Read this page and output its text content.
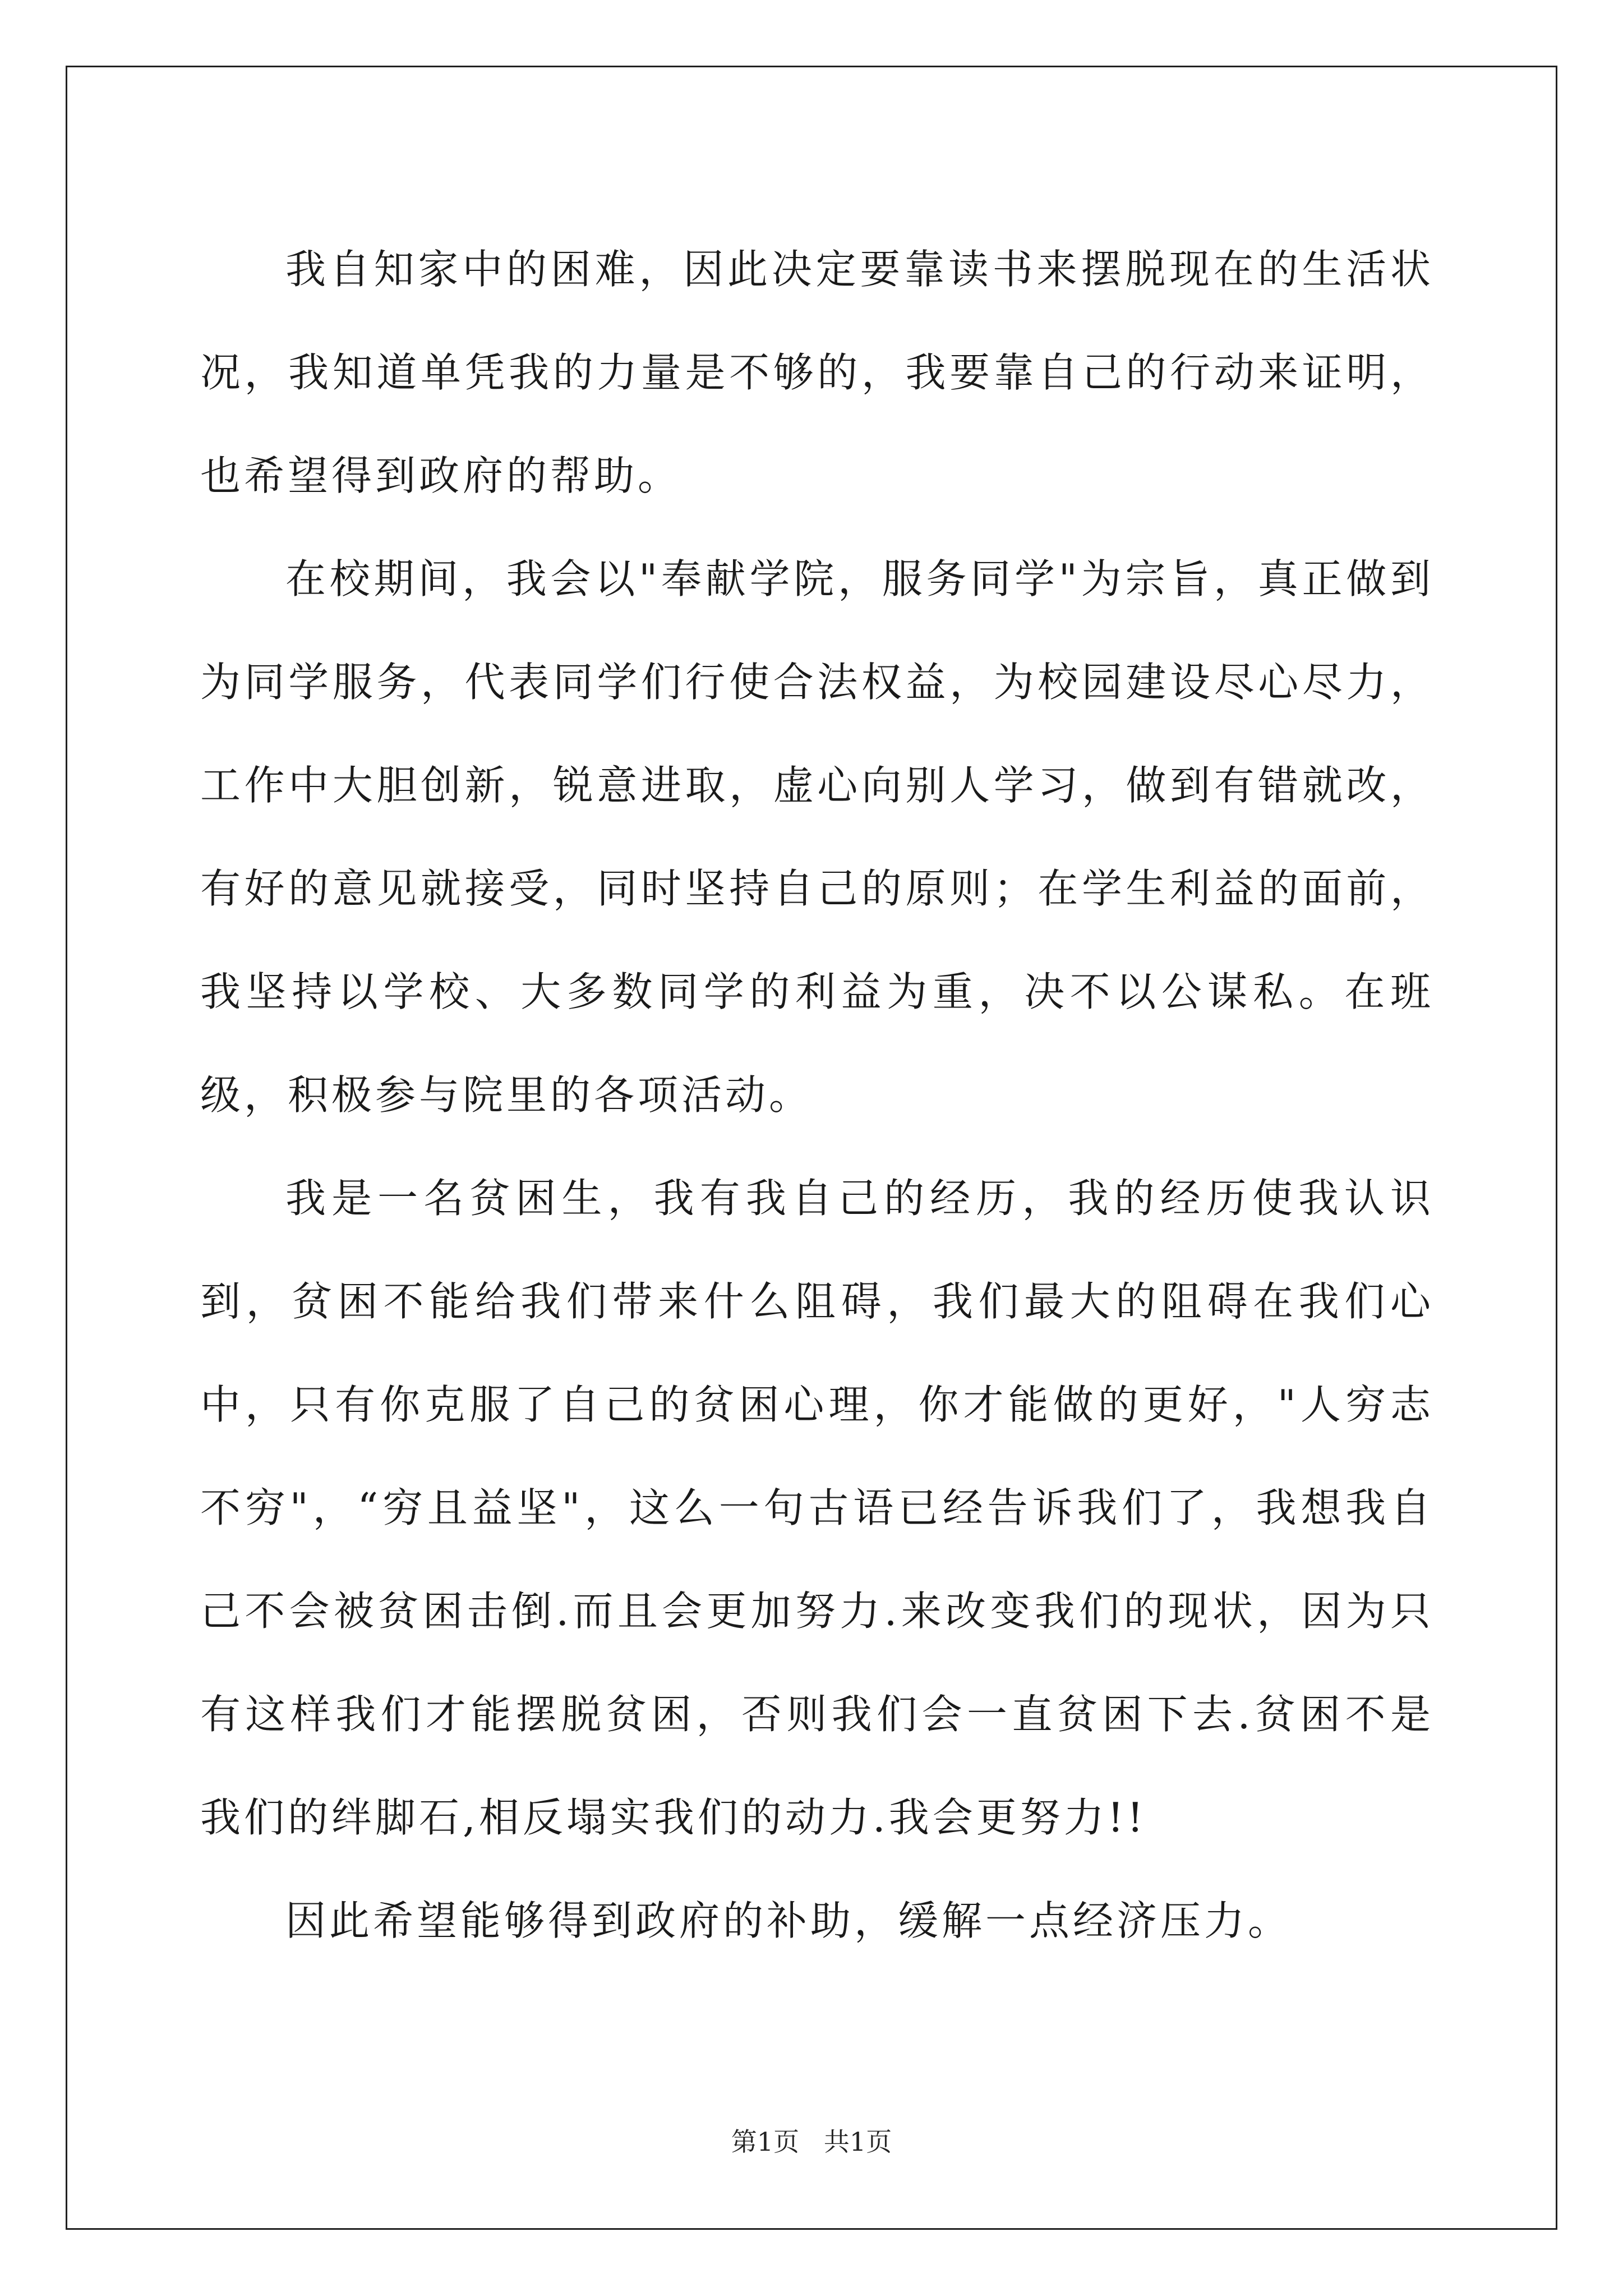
我自知家中的困难，因此决定要靠读书来摆脱现在的生活状况，我知道单凭我的力量是不够的，我要靠自己的行动来证明，也希望得到政府的帮助。

在校期间，我会以"奉献学院，服务同学"为宗旨，真正做到为同学服务，代表同学们行使合法权益，为校园建设尽心尽力，工作中大胆创新，锐意进取，虚心向别人学习，做到有错就改，有好的意见就接受，同时坚持自己的原则；在学生利益的面前，我坚持以学校、大多数同学的利益为重，决不以公谋私。在班级，积极参与院里的各项活动。

我是一名贫困生，我有我自己的经历，我的经历使我认识到，贫困不能给我们带来什么阻碍，我们最大的阻碍在我们心中，只有你克服了自己的贫困心理，你才能做的更好，"人穷志不穷"，“穷且益坚"，这么一句古语已经告诉我们了，我想我自己不会被贫困击倒.而且会更加努力.来改变我们的现状，因为只有这样我们才能摆脱贫困，否则我们会一直贫困下去.贫困不是我们的绊脚石,相反塌实我们的动力.我会更努力!!

因此希望能够得到政府的补助，缓解一点经济压力。

第1页   共1页
